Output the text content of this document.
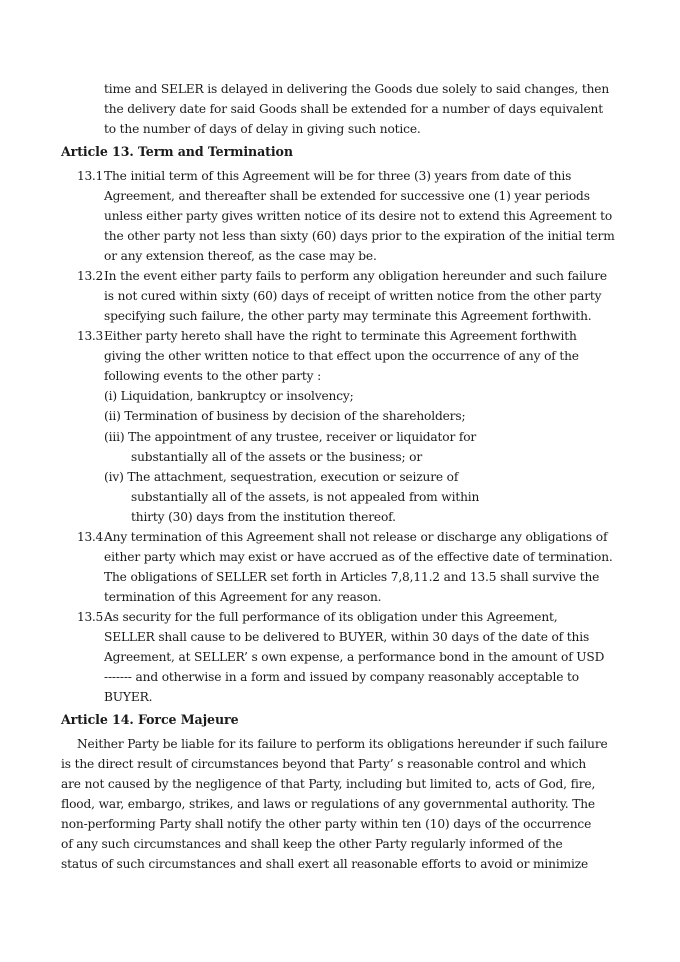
time and SELER is delayed in delivering the Goods due solely to said changes, then
the delivery date for said Goods shall be extended for a number of days equivalent
to the number of days of delay in giving such notice.
Article 13. Term and Termination
13.1 The initial term of this Agreement will be for three (3) years from date of this
Agreement, and thereafter shall be extended for successive one (1) year periods
unless either party gives written notice of its desire not to extend this Agreement to
the other party not less than sixty (60) days prior to the expiration of the initial term
or any extension thereof, as the case may be.
13.2 In the event either party fails to perform any obligation hereunder and such failure
is not cured within sixty (60) days of receipt of written notice from the other party
specifying such failure, the other party may terminate this Agreement forthwith.
13.3 Either party hereto shall have the right to terminate this Agreement forthwith
giving the other written notice to that effect upon the occurrence of any of the
following events to the other party :
(i) Liquidation, bankruptcy or insolvency;
(ii) Termination of business by decision of the shareholders;
(iii) The appointment of any trustee, receiver or liquidator for
substantially all of the assets or the business; or
(iv) The attachment, sequestration, execution or seizure of
substantially all of the assets, is not appealed from within
thirty (30) days from the institution thereof.
13.4 Any termination of this Agreement shall not release or discharge any obligations of
either party which may exist or have accrued as of the effective date of termination.
The obligations of SELLER set forth in Articles 7,8,11.2 and 13.5 shall survive the
termination of this Agreement for any reason.
13.5 As security for the full performance of its obligation under this Agreement,
SELLER shall cause to be delivered to BUYER, within 30 days of the date of this
Agreement, at SELLER’ s own expense, a performance bond in the amount of USD
------- and otherwise in a form and issued by company reasonably acceptable to
BUYER.
Article 14. Force Majeure
Neither Party be liable for its failure to perform its obligations hereunder if such failure
is the direct result of circumstances beyond that Party’ s reasonable control and which
are not caused by the negligence of that Party, including but limited to, acts of God, fire,
flood, war, embargo, strikes, and laws or regulations of any governmental authority. The
non-performing Party shall notify the other party within ten (10) days of the occurrence
of any such circumstances and shall keep the other Party regularly informed of the
status of such circumstances and shall exert all reasonable efforts to avoid or minimize
